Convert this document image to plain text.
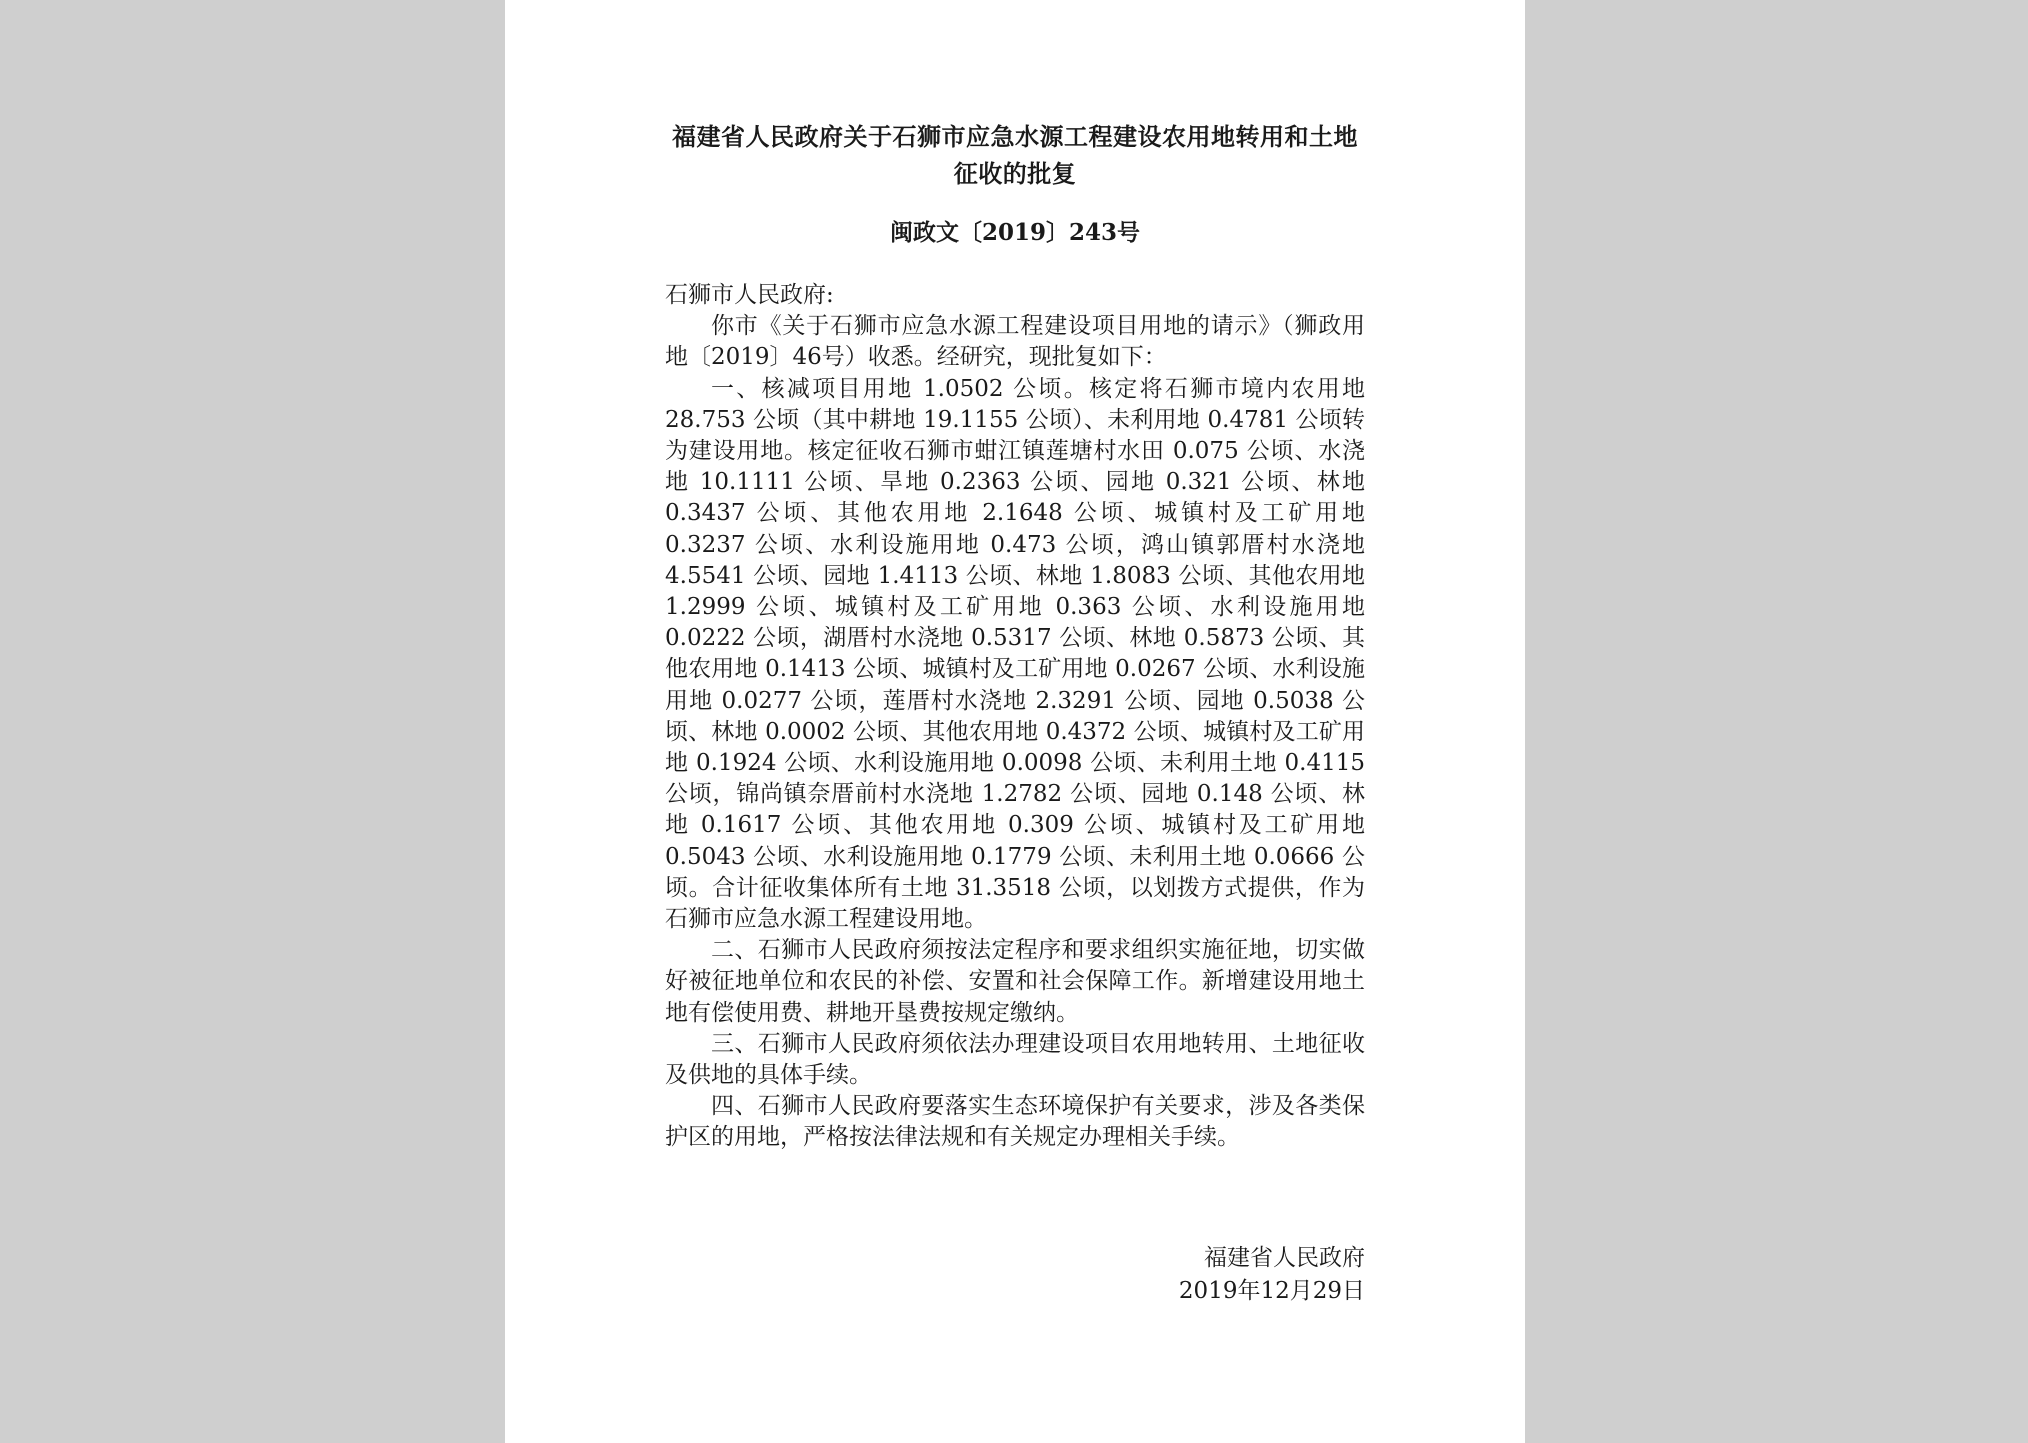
福建省人民政府关于石狮市应急水源工程建设农用地转用和土地征收的批复
闽政文〔2019〕243号

石狮市人民政府:

你市《关于石狮市应急水源工程建设项目用地的请示》（狮政用地〔2019〕46号）收悉。经研究，现批复如下：

一、核减项目用地 1.0502 公顷。核定将石狮市境内农用地 28.753 公顷（其中耕地 19.1155 公顷）、未利用地 0.4781 公顷转为建设用地。核定征收石狮市蚶江镇莲塘村水田 0.075 公顷、水浇地 10.1111 公顷、旱地 0.2363 公顷、园地 0.321 公顷、林地 0.3437 公顷、其他农用地 2.1648 公顷、城镇村及工矿用地 0.3237 公顷、水利设施用地 0.473 公顷，鸿山镇郭厝村水浇地 4.5541 公顷、园地 1.4113 公顷、林地 1.8083 公顷、其他农用地 1.2999 公顷、城镇村及工矿用地 0.363 公顷、水利设施用地 0.0222 公顷，湖厝村水浇地 0.5317 公顷、林地 0.5873 公顷、其他农用地 0.1413 公顷、城镇村及工矿用地 0.0267 公顷、水利设施用地 0.0277 公顷，莲厝村水浇地 2.3291 公顷、园地 0.5038 公顷、林地 0.0002 公顷、其他农用地 0.4372 公顷、城镇村及工矿用地 0.1924 公顷、水利设施用地 0.0098 公顷、未利用土地 0.4115 公顷，锦尚镇奈厝前村水浇地 1.2782 公顷、园地 0.148 公顷、林地 0.1617 公顷、其他农用地 0.309 公顷、城镇村及工矿用地 0.5043 公顷、水利设施用地 0.1779 公顷、未利用土地 0.0666 公顷。合计征收集体所有土地 31.3518 公顷，以划拨方式提供，作为石狮市应急水源工程建设用地。

二、石狮市人民政府须按法定程序和要求组织实施征地，切实做好被征地单位和农民的补偿、安置和社会保障工作。新增建设用地土地有偿使用费、耕地开垦费按规定缴纳。

三、石狮市人民政府须依法办理建设项目农用地转用、土地征收及供地的具体手续。

四、石狮市人民政府要落实生态环境保护有关要求，涉及各类保护区的用地，严格按法律法规和有关规定办理相关手续。

福建省人民政府
2019年12月29日
